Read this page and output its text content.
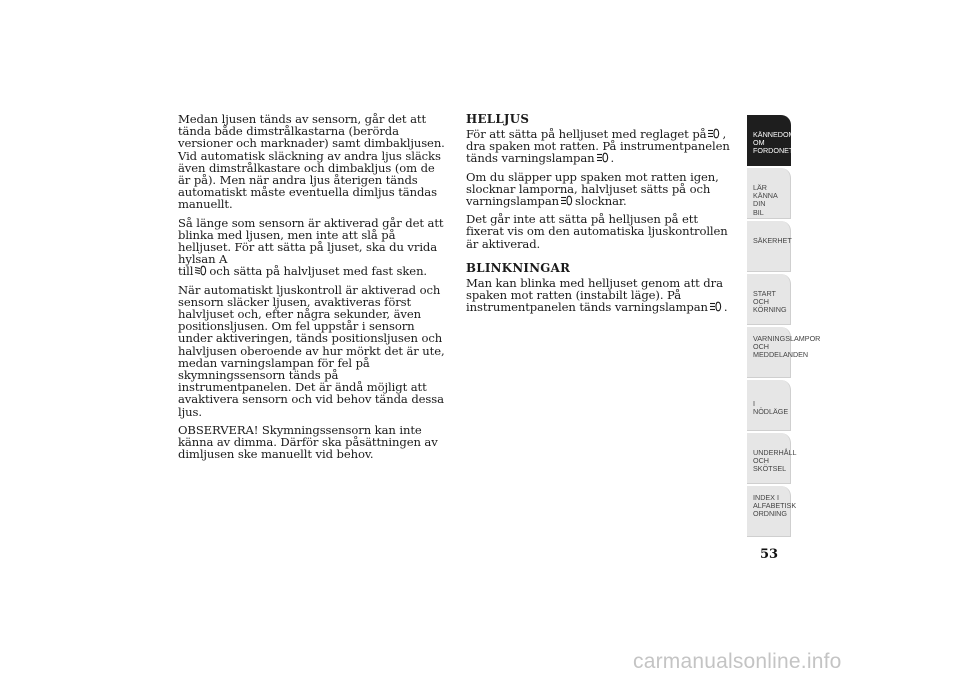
Medan ljusen tänds av sensorn, går det att tända både dimstrålkastarna (berörda versioner och marknader) samt dimbakljusen. Vid automatisk släckning av andra ljus släcks även dimstrålkastare och dimbakljus (om de är på). Men när andra ljus återigen tänds automatiskt måste eventuella dimljus tändas manuellt.

Så länge som sensorn är aktiverad går det att blinka med ljusen, men inte att slå på helljuset. För att sätta på ljuset, ska du vrida hylsan A
till och sätta på halvljuset med fast sken.

När automatiskt ljuskontroll är aktiverad och sensorn släcker ljusen, avaktiveras först halvljuset och, efter några sekunder, även positionsljusen. Om fel uppstår i sensorn under aktiveringen, tänds positionsljusen och halvljusen oberoende av hur mörkt det är ute, medan varningslampan för fel på skymningssensorn tänds på instrumentpanelen. Det är ändå möjligt att avaktivera sensorn och vid behov tända dessa ljus.

OBSERVERA! Skymningssensorn kan inte känna av dimma. Därför ska påsättningen av dimljusen ske manuellt vid behov.

HELLJUS

För att sätta på helljuset med reglaget på , dra spaken mot ratten. På instrumentpanelen tänds varningslampan .

Om du släpper upp spaken mot ratten igen, slocknar lamporna, halvljuset sätts på och varningslampan slocknar.

Det går inte att sätta på helljusen på ett fixerat vis om den automatiska ljuskontrollen är aktiverad.

BLINKNINGAR

Man kan blinka med helljuset genom att dra spaken mot ratten (instabilt läge). På instrumentpanelen tänds varningslampan .

KÄNNEDOM OM
FORDONET
LÄR KÄNNA DIN
BIL
SÄKERHET
START OCH
KÖRNING
VARNINGSLAMPOR
OCH
MEDDELANDEN
I NÖDLÄGE
UNDERHÅLL OCH
SKÖTSEL
INDEX I
ALFABETISK
ORDNING
53
carmanualsonline.info
